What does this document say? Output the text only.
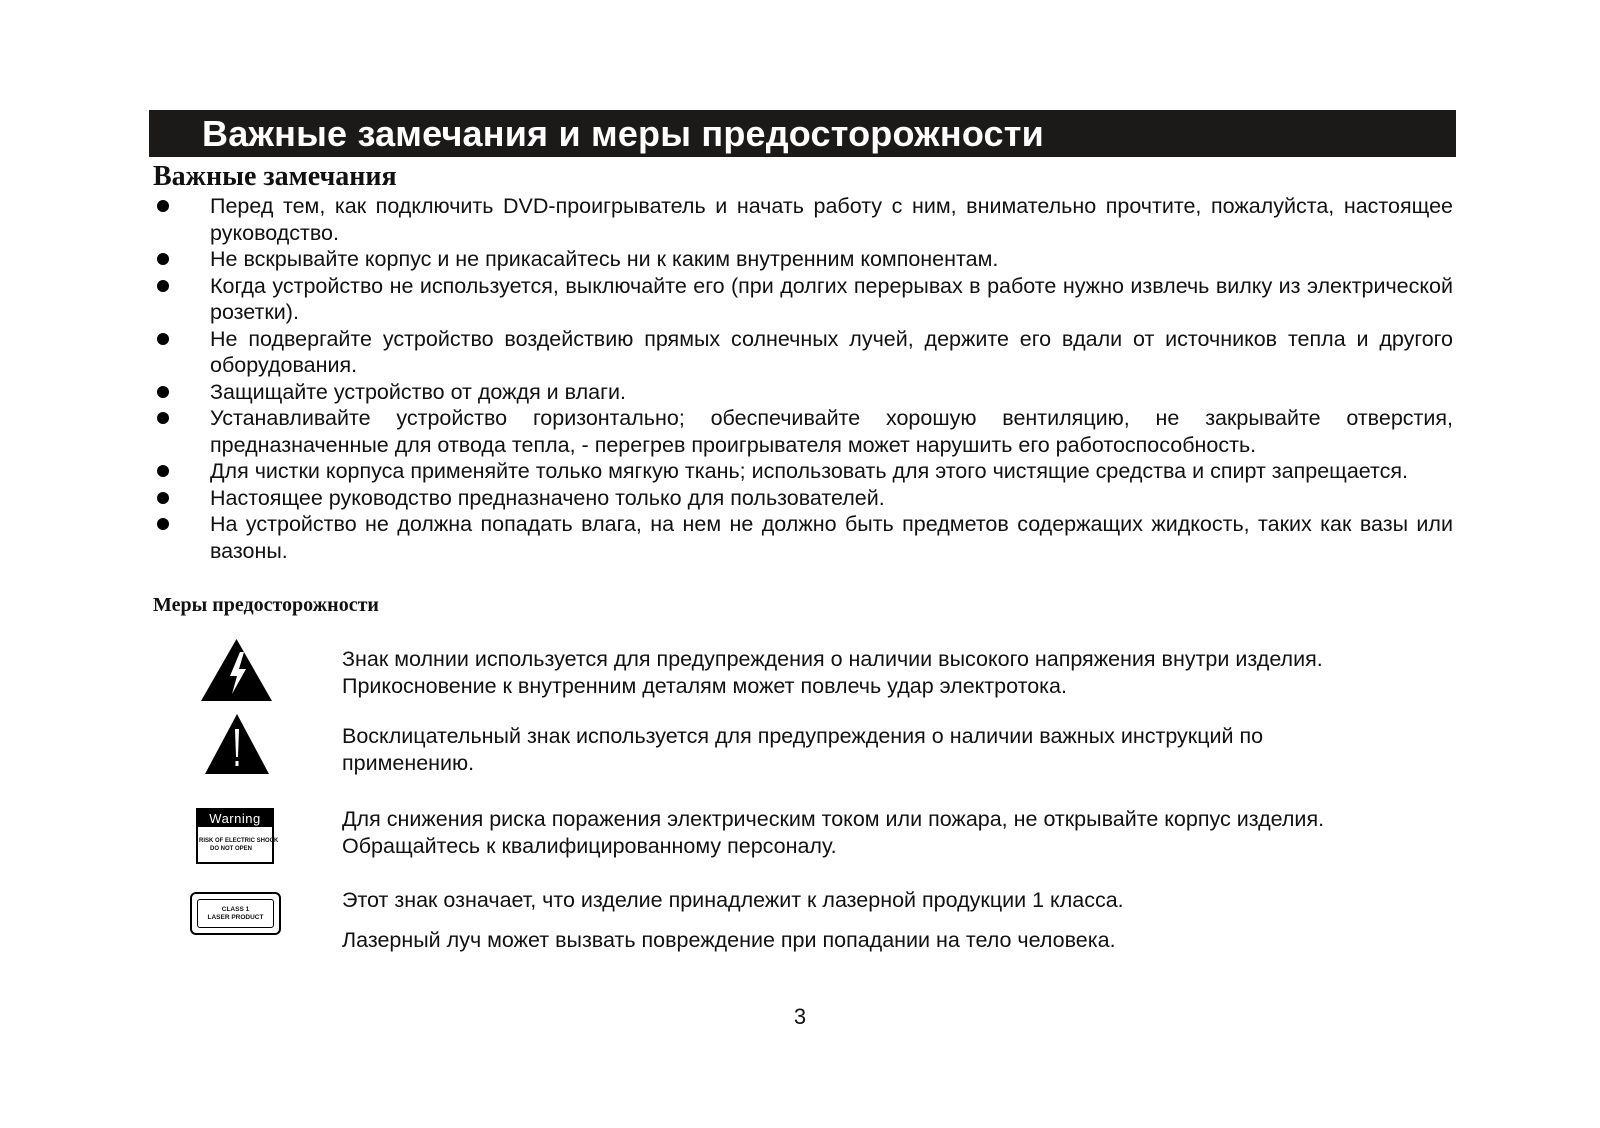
Важные замечания и меры предосторожности
Важные замечания
Перед тем, как подключить DVD-проигрыватель и начать работу с ним, внимательно прочтите, пожалуйста, настоящее руководство.
Не вскрывайте корпус и не прикасайтесь ни к каким внутренним компонентам.
Когда устройство не используется, выключайте его (при долгих перерывах в работе нужно извлечь вилку из электрической розетки).
Не подвергайте устройство воздействию прямых солнечных лучей, держите его вдали от источников тепла и другого оборудования.
Защищайте устройство от дождя и влаги.
Устанавливайте устройство горизонтально; обеспечивайте хорошую вентиляцию, не закрывайте отверстия, предназначенные для отвода тепла, - перегрев проигрывателя может нарушить его работоспособность.
Для чистки корпуса применяйте только мягкую ткань; использовать для этого чистящие средства и спирт запрещается.
Настоящее руководство предназначено только для пользователей.
На устройство не должна попадать влага, на нем не должно быть предметов содержащих жидкость, таких как вазы или вазоны.
Меры предосторожности
Знак молнии используется для предупреждения о наличии высокого напряжения внутри изделия.
Прикосновение к внутренним деталям может повлечь удар электротока.
Восклицательный знак используется для предупреждения о наличии важных инструкций по
применению.
Warning
RISK OF ELECTRIC SHOCK
DO NOT OPEN
Для снижения риска поражения электрическим током или пожара, не открывайте корпус изделия.
Обращайтесь к квалифицированному персоналу.
CLASS 1
LASER PRODUCT
Этот знак означает, что изделие принадлежит к лазерной продукции 1 класса.
Лазерный луч может вызвать повреждение при попадании на тело человека.
3
